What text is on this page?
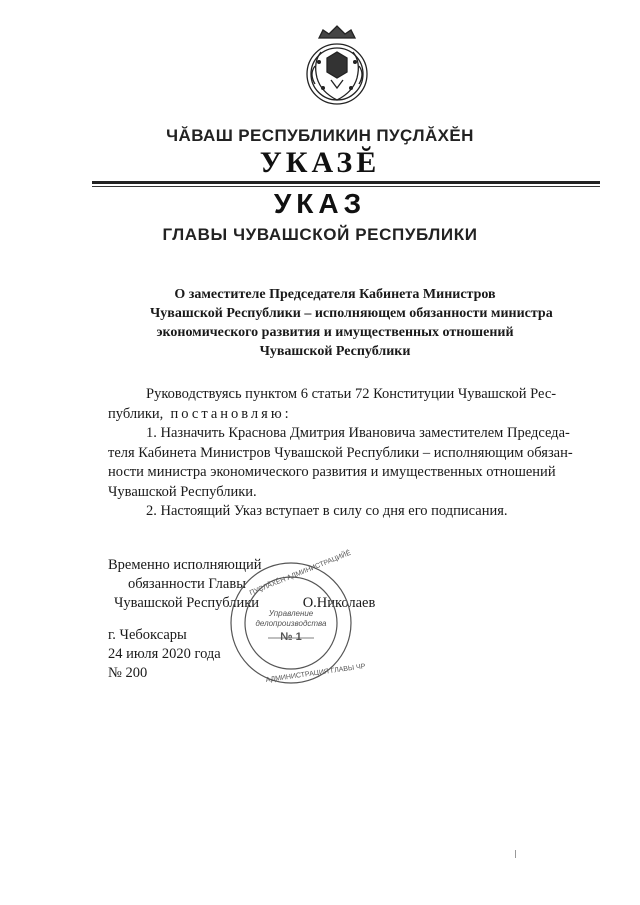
ЧӐВАШ РЕСПУБЛИКИН ПУҪЛӐХĔН
УКАЗĔ
УКАЗ
ГЛАВЫ ЧУВАШСКОЙ РЕСПУБЛИКИ
О заместителе Председателя Кабинета Министров
Чувашской Республики – исполняющем обязанности министра
экономического развития и имущественных отношений
Чувашской Республики

Руководствуясь пунктом 6 статьи 72 Конституции Чувашской Рес-

публики, постановляю:

1. Назначить Краснова Дмитрия Ивановича заместителем Председа-

теля Кабинета Министров Чувашской Республики – исполняющим обязан-

ности министра экономического развития и имущественных отношений

Чувашской Республики.

2. Настоящий Указ вступает в силу со дня его подписания.

Временно исполняющий
обязанности Главы
Чувашской Республики	О.Николаев
г. Чебоксары
24 июля 2020 года
№ 200
ПУҪЛӐХĔН АДМИНИСТРАЦИЙĔ
АДМИНИСТРАЦИЯ ГЛАВЫ ЧР
Управление
делопроизводства
№ 1
